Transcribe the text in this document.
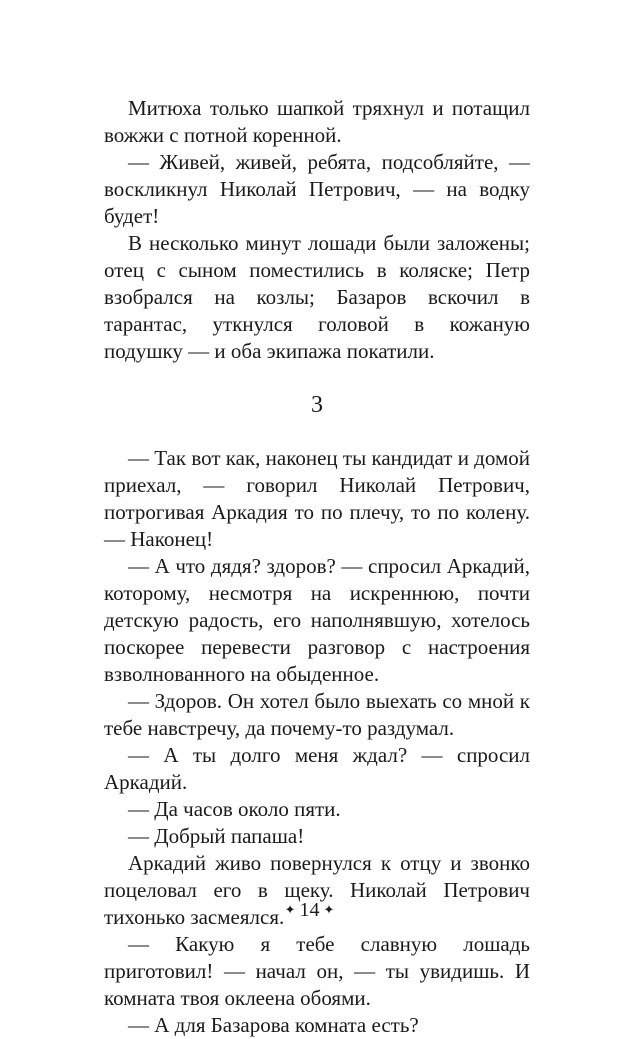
Митюха только шапкой тряхнул и потащил вожжи с потной коренной.

— Живей, живей, ребята, подсобляйте, — воскликнул Николай Петрович, — на водку будет!

В несколько минут лошади были заложены; отец с сыном поместились в коляске; Петр взобрался на козлы; Базаров вскочил в тарантас, уткнулся головой в кожаную подушку — и оба экипажа покатили.

3

— Так вот как, наконец ты кандидат и домой приехал, — говорил Николай Петрович, потрогивая Аркадия то по плечу, то по колену. — Наконец!

— А что дядя? здоров? — спросил Аркадий, которому, несмотря на искреннюю, почти детскую радость, его наполнявшую, хотелось поскорее перевести разговор с настроения взволнованного на обыденное.

— Здоров. Он хотел было выехать со мной к тебе навстречу, да почему-то раздумал.

— А ты долго меня ждал? — спросил Аркадий.

— Да часов около пяти.

— Добрый папаша!

Аркадий живо повернулся к отцу и звонко поцеловал его в щеку. Николай Петрович тихонько засмеялся.

— Какую я тебе славную лошадь приготовил! — начал он, — ты увидишь. И комната твоя оклеена обоями.

— А для Базарова комната есть?

✦ 14 ✦
